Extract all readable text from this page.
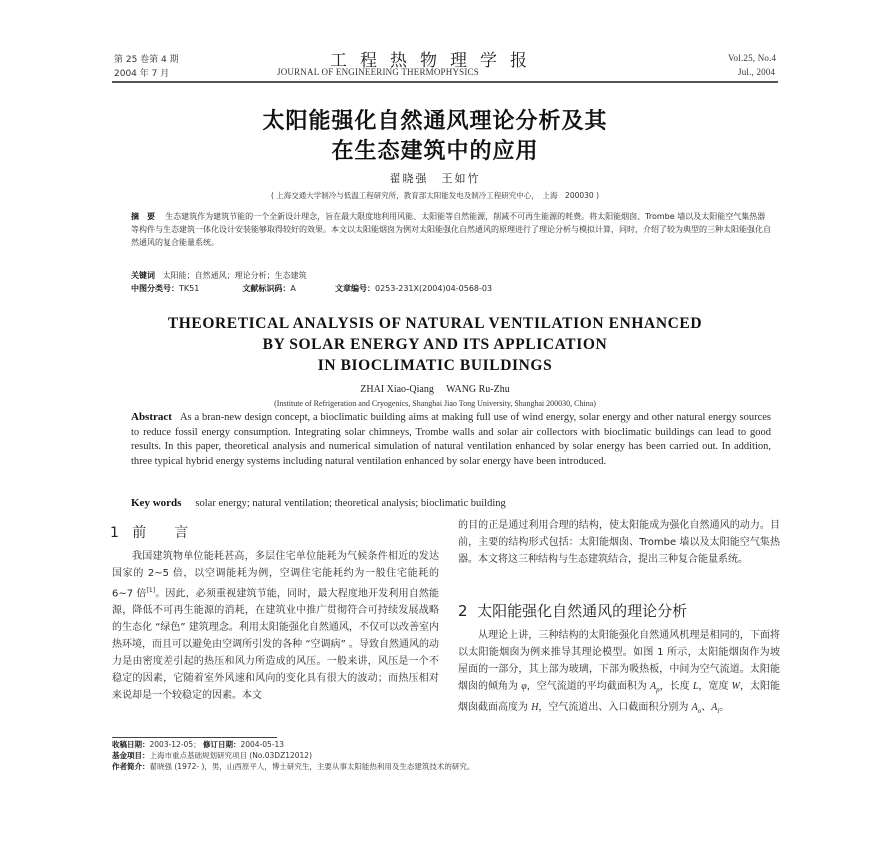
第 25 卷第 4 期
2004 年 7 月
工程热物理学报
JOURNAL OF ENGINEERING THERMOPHYSICS
Vol.25, No.4
Jul., 2004
太阳能强化自然通风理论分析及其
在生态建筑中的应用
翟晓强　王如竹
( 上海交通大学制冷与低温工程研究所，教育部太阳能发电及制冷工程研究中心，　上海　200030 )
摘　要 生态建筑作为建筑节能的一个全新设计理念，旨在最大限度地利用风能、太阳能等自然能源，削减不可再生能源的耗费。将太阳能烟囱、Trombe 墙以及太阳能空气集热器等构件与生态建筑一体化设计安装能够取得较好的效果。本文以太阳能烟囱为例对太阳能强化自然通风的原理进行了理论分析与模拟计算，同时，介绍了较为典型的三种太阳能强化自然通风的复合能量系统。
关键词 太阳能；自然通风；理论分析；生态建筑
中图分类号：TK51	文献标识码：A	文章编号：0253-231X(2004)04-0568-03
THEORETICAL ANALYSIS OF NATURAL VENTILATION ENHANCED
BY SOLAR ENERGY AND ITS APPLICATION
IN BIOCLIMATIC BUILDINGS
ZHAI Xiao-Qiang　 WANG Ru-Zhu
(Institute of Refrigeration and Cryogenics, Shanghai Jiao Tong University, Shanghai 200030, China)
Abstract As a bran-new design concept, a bioclimatic building aims at making full use of wind energy, solar energy and other natural energy sources to reduce fossil energy consumption. Integrating solar chimneys, Trombe walls and solar air collectors with bioclimatic buildings can lead to good results. In this paper, theoretical analysis and numerical simulation of natural ventilation enhanced by solar energy has been carried out. In addition, three typical hybrid energy systems including natural ventilation enhanced by solar energy have been introduced.
Key words solar energy; natural ventilation; theoretical analysis; bioclimatic building
1 前　　言
我国建筑物单位能耗甚高，多层住宅单位能耗为气候条件相近的发达国家的 2~5 倍，以空调能耗为例，空调住宅能耗约为一般住宅能耗的 6~7 倍[1]。因此，必须重视建筑节能，同时，最大程度地开发利用自然能源，降低不可再生能源的消耗，在建筑业中推广贯彻符合可持续发展战略的生态化 “绿色” 建筑理念。利用太阳能强化自然通风，不仅可以改善室内热环境，而且可以避免由空调所引发的各种 “空调病” 。导致自然通风的动力是由密度差引起的热压和风力所造成的风压。一般来讲，风压是一个不稳定的因素，它随着室外风速和风向的变化具有很大的波动；而热压相对来说却是一个较稳定的因素。本文
的目的正是通过利用合理的结构，使太阳能成为强化自然通风的动力。目前，主要的结构形式包括：太阳能烟囱、Trombe 墙以及太阳能空气集热器。本文将这三种结构与生态建筑结合，提出三种复合能量系统。
2 太阳能强化自然通风的理论分析
从理论上讲，三种结构的太阳能强化自然通风机理是相同的，下面将以太阳能烟囱为例来推导其理论模型。如图 1 所示，太阳能烟囱作为坡屋面的一部分，其上部为玻璃，下部为吸热板，中间为空气流道。太阳能烟囱的倾角为 φ，空气流道的平均截面积为 $A_p$，长度 L，宽度 W，太阳能烟囱截面高度为 H，空气流道出、入口截面积分别为 $A_o$、$A_i$。
收稿日期：2003-12-05； 修订日期：2004-05-13
基金项目：上海市重点基础规划研究项目 (No.03DZ12012)
作者简介：翟晓强 (1972- )，男，山西原平人，博士研究生，主要从事太阳能热利用及生态建筑技术的研究。
